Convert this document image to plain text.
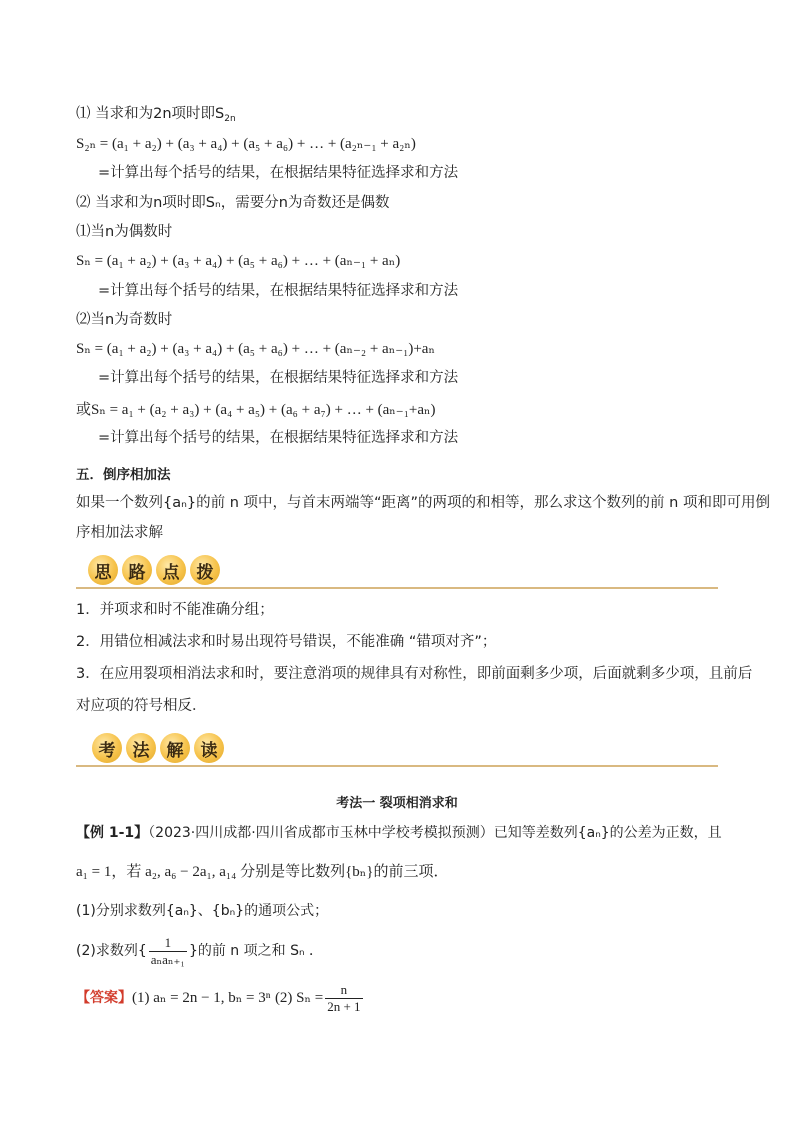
⑴ 当求和为2n项时即$S_{2n}$
S₂ₙ = (a₁ + a₂) + (a₃ + a₄) + (a₅ + a₆) + … + (a₂ₙ₋₁ + a₂ₙ)
=计算出每个括号的结果，在根据结果特征选择求和方法
⑵ 当求和为n项时即Sₙ，需要分n为奇数还是偶数
⑴当n为偶数时
Sₙ = (a₁ + a₂) + (a₃ + a₄) + (a₅ + a₆) + … + (aₙ₋₁ + aₙ)
=计算出每个括号的结果，在根据结果特征选择求和方法
⑵当n为奇数时
Sₙ = (a₁ + a₂) + (a₃ + a₄) + (a₅ + a₆) + … + (aₙ₋₂ + aₙ₋₁)+aₙ
=计算出每个括号的结果，在根据结果特征选择求和方法
或Sₙ = a₁ + (a₂ + a₃) + (a₄ + a₅) + (a₆ + a₇) + … + (aₙ₋₁+aₙ)
=计算出每个括号的结果，在根据结果特征选择求和方法
五．倒序相加法
如果一个数列{aₙ}的前 n 项中，与首末两端等“距离”的两项的和相等，那么求这个数列的前 n 项和即可用倒
序相加法求解
思	路	点	拨
1．并项求和时不能准确分组；
2．用错位相减法求和时易出现符号错误，不能准确 “错项对齐”；
3．在应用裂项相消法求和时，要注意消项的规律具有对称性，即前面剩多少项，后面就剩多少项，且前后
对应项的符号相反．
考	法	解	读
考法一 裂项相消求和
【例 1-1】（2023·四川成都·四川省成都市玉林中学校考模拟预测）已知等差数列{aₙ}的公差为正数，且
a₁ = 1，若 a₂, a₆ − 2a₁, a₁₄ 分别是等比数列{bₙ}的前三项．
(1)分别求数列{aₙ}、{bₙ}的通项公式；
(2)求数列{ $\frac{1}{\text{aₙaₙ₊₁}}$ }的前 n 项之和 Sₙ ．
【答案】(1) aₙ = 2n − 1, bₙ = 3ⁿ (2) $S_n = \frac{n}{2n + 1}$
